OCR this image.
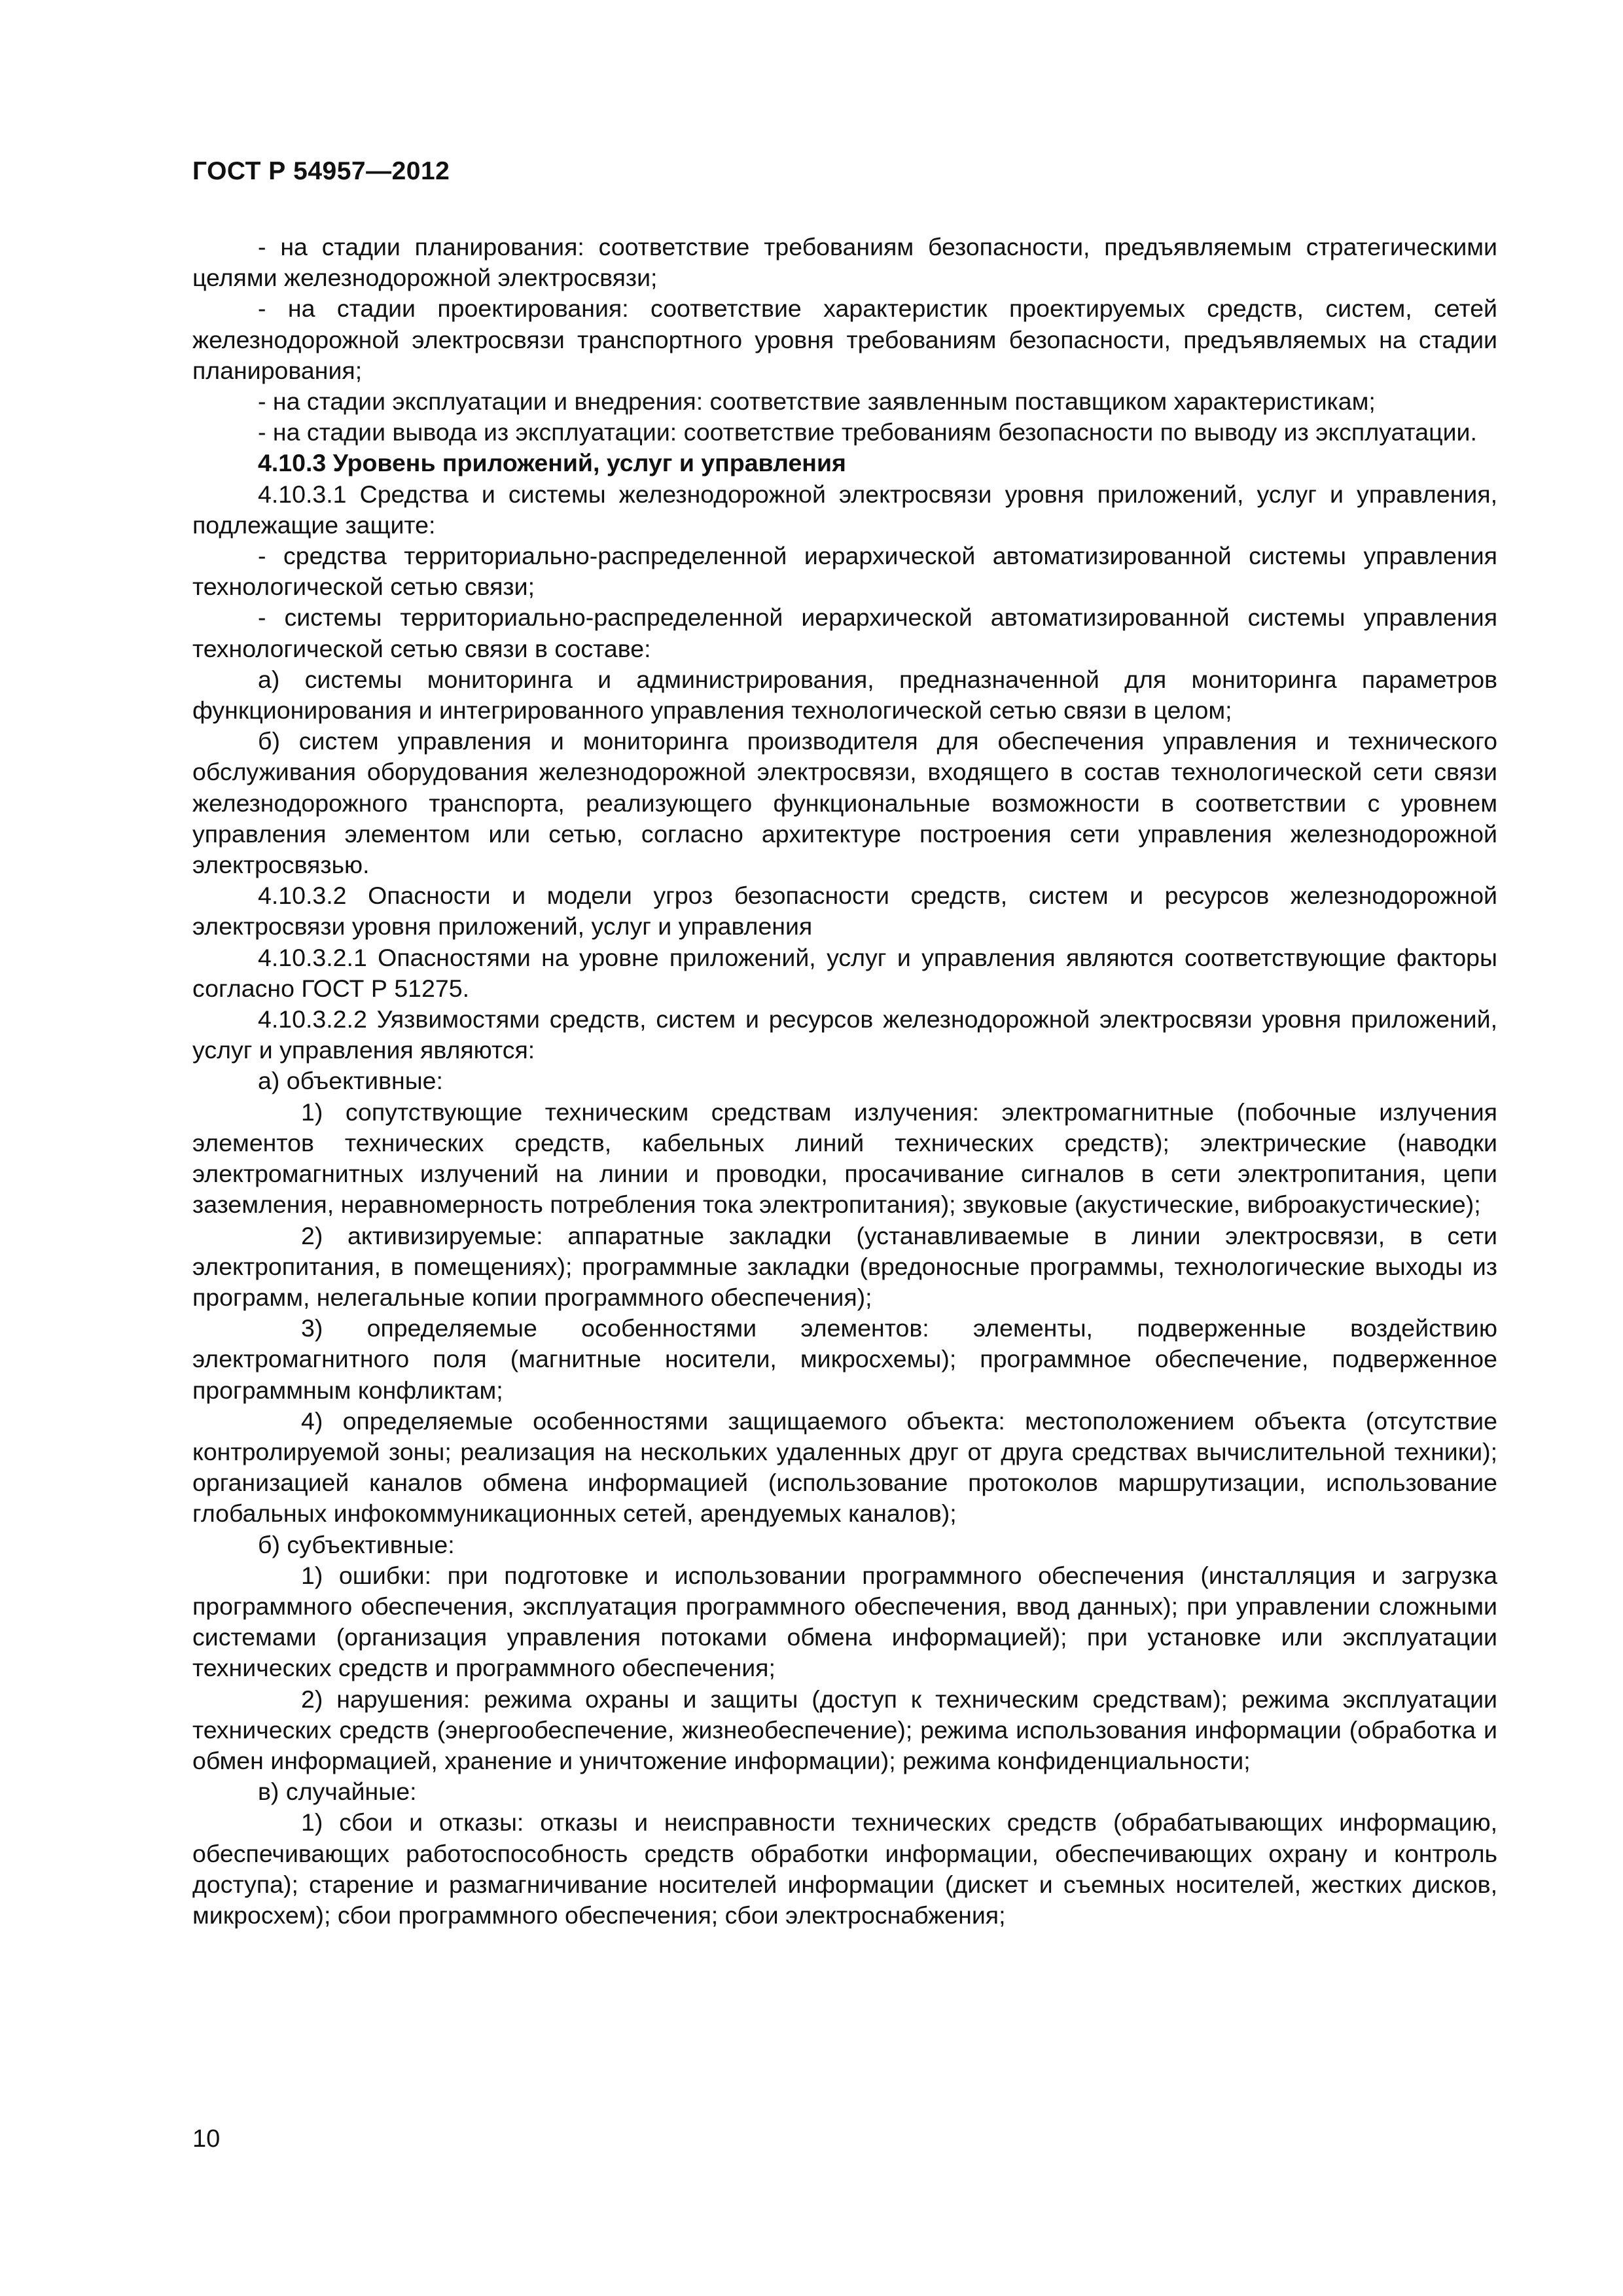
ГОСТ Р 54957—2012

- на стадии планирования: соответствие требованиям безопасности, предъявляемым стратегическими целями железнодорожной электросвязи;

- на стадии проектирования: соответствие характеристик проектируемых средств, систем, сетей железнодорожной электросвязи транспортного уровня требованиям безопасности, предъявляемых на стадии планирования;

- на стадии эксплуатации и внедрения: соответствие заявленным поставщиком характеристикам;

- на стадии вывода из эксплуатации: соответствие требованиям безопасности по выводу из эксплуатации.

4.10.3 Уровень приложений, услуг и управления

4.10.3.1 Средства и системы железнодорожной электросвязи уровня приложений, услуг и управления, подлежащие защите:

- средства территориально-распределенной иерархической автоматизированной системы управления технологической сетью связи;

- системы территориально-распределенной иерархической автоматизированной системы управления технологической сетью связи в составе:

а) системы мониторинга и администрирования, предназначенной для мониторинга параметров функционирования и интегрированного управления технологической сетью связи в целом;

б) систем управления и мониторинга производителя для обеспечения управления и технического обслуживания оборудования железнодорожной электросвязи, входящего в состав технологической сети связи железнодорожного транспорта, реализующего функциональные возможности в соответствии с уровнем управления элементом или сетью, согласно архитектуре построения сети управления железнодорожной электросвязью.

4.10.3.2 Опасности и модели угроз безопасности средств, систем и ресурсов железнодорожной электросвязи уровня приложений, услуг и управления

4.10.3.2.1 Опасностями на уровне приложений, услуг и управления являются соответствующие факторы согласно ГОСТ Р 51275.

4.10.3.2.2 Уязвимостями средств, систем и ресурсов железнодорожной электросвязи уровня приложений, услуг и управления являются:

а) объективные:

1) сопутствующие техническим средствам излучения: электромагнитные (побочные излучения элементов технических средств, кабельных линий технических средств); электрические (наводки электромагнитных излучений на линии и проводки, просачивание сигналов в сети электропитания, цепи заземления, неравномерность потребления тока электропитания); звуковые (акустические, виброакустические);

2) активизируемые: аппаратные закладки (устанавливаемые в линии электросвязи, в сети электропитания, в помещениях); программные закладки (вредоносные программы, технологические выходы из программ, нелегальные копии программного обеспечения);

3) определяемые особенностями элементов: элементы, подверженные воздействию электромагнитного поля (магнитные носители, микросхемы); программное обеспечение, подверженное программным конфликтам;

4) определяемые особенностями защищаемого объекта: местоположением объекта (отсутствие контролируемой зоны; реализация на нескольких удаленных друг от друга средствах вычислительной техники); организацией каналов обмена информацией (использование протоколов маршрутизации, использование глобальных инфокоммуникационных сетей, арендуемых каналов);

б) субъективные:

1) ошибки: при подготовке и использовании программного обеспечения (инсталляция и загрузка программного обеспечения, эксплуатация программного обеспечения, ввод данных); при управлении сложными системами (организация управления потоками обмена информацией); при установке или эксплуатации технических средств и программного обеспечения;

2) нарушения: режима охраны и защиты (доступ к техническим средствам); режима эксплуатации технических средств (энергообеспечение, жизнеобеспечение); режима использования информации (обработка и обмен информацией, хранение и уничтожение информации); режима конфиденциальности;

в) случайные:

1) сбои и отказы: отказы и неисправности технических средств (обрабатывающих информацию, обеспечивающих работоспособность средств обработки информации, обеспечивающих охрану и контроль доступа); старение и размагничивание носителей информации (дискет и съемных носителей, жестких дисков, микросхем); сбои программного обеспечения; сбои электроснабжения;

10
